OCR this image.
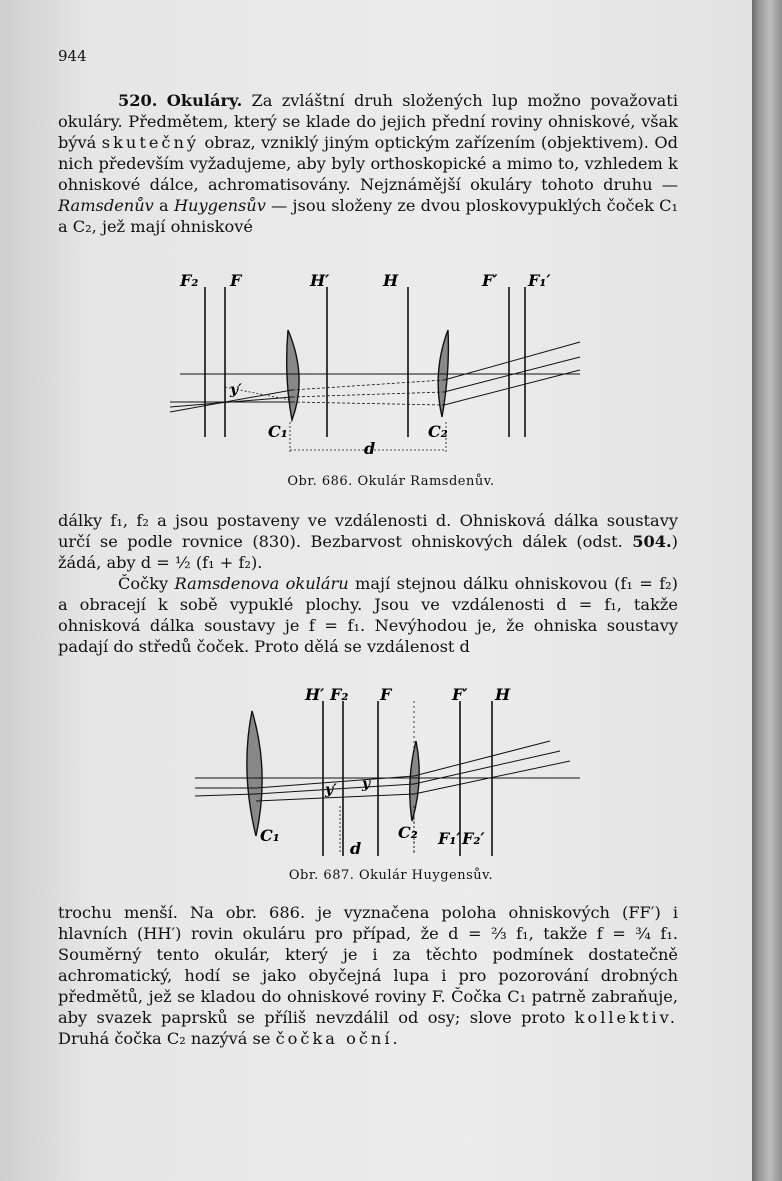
944

520. Okuláry. Za zvláštní druh složených lup možno považovati okuláry. Předmětem, který se klade do jejich přední roviny ohniskové, však bývá skutečný obraz, vzniklý jiným optickým zařízením (objektivem). Od nich především vyžadujeme, aby byly orthoskopické a mimo to, vzhledem k ohniskové dálce, achromatisovány. Nejznámější okuláry tohoto druhu — Ramsdenův a Huygensův — jsou složeny ze dvou ploskovypuklých čoček C₁ a C₂, jež mají ohniskové

F₂ F	H′	H	F′ F₁′
y′
C₁	C₂
d
Obr. 686. Okulár Ramsdenův.

dálky f₁, f₂ a jsou postaveny ve vzdálenosti d. Ohnisková dálka soustavy určí se podle rovnice (830). Bezbarvost ohniskových dálek (odst. 504.) žádá, aby d = ½ (f₁ + f₂).

Čočky Ramsdenova okuláru mají stejnou dálku ohniskovou (f₁ = f₂) a obracejí k sobě vypuklé plochy. Jsou ve vzdálenosti d = f₁, takže ohnisková dálka soustavy je f = f₁. Nevýhodou je, že ohniska soustavy padají do středů čoček. Proto dělá se vzdálenost d

H′ F₂ F	F′ H
y′ y
C₁	C₂
d
F₁′ F₂′
Obr. 687. Okulár Huygensův.

trochu menší. Na obr. 686. je vyznačena poloha ohniskových (FF′) i hlavních (HH′) rovin okuláru pro případ, že d = ⅔ f₁, takže f = ¾ f₁. Souměrný tento okulár, který je i za těchto podmínek dostatečně achromatický, hodí se jako obyčejná lupa i pro pozorování drobných předmětů, jež se kladou do ohniskové roviny F. Čočka C₁ patrně zabraňuje, aby svazek paprsků se příliš nevzdálil od osy; slove proto kollektiv. Druhá čočka C₂ nazývá se čočka oční.
